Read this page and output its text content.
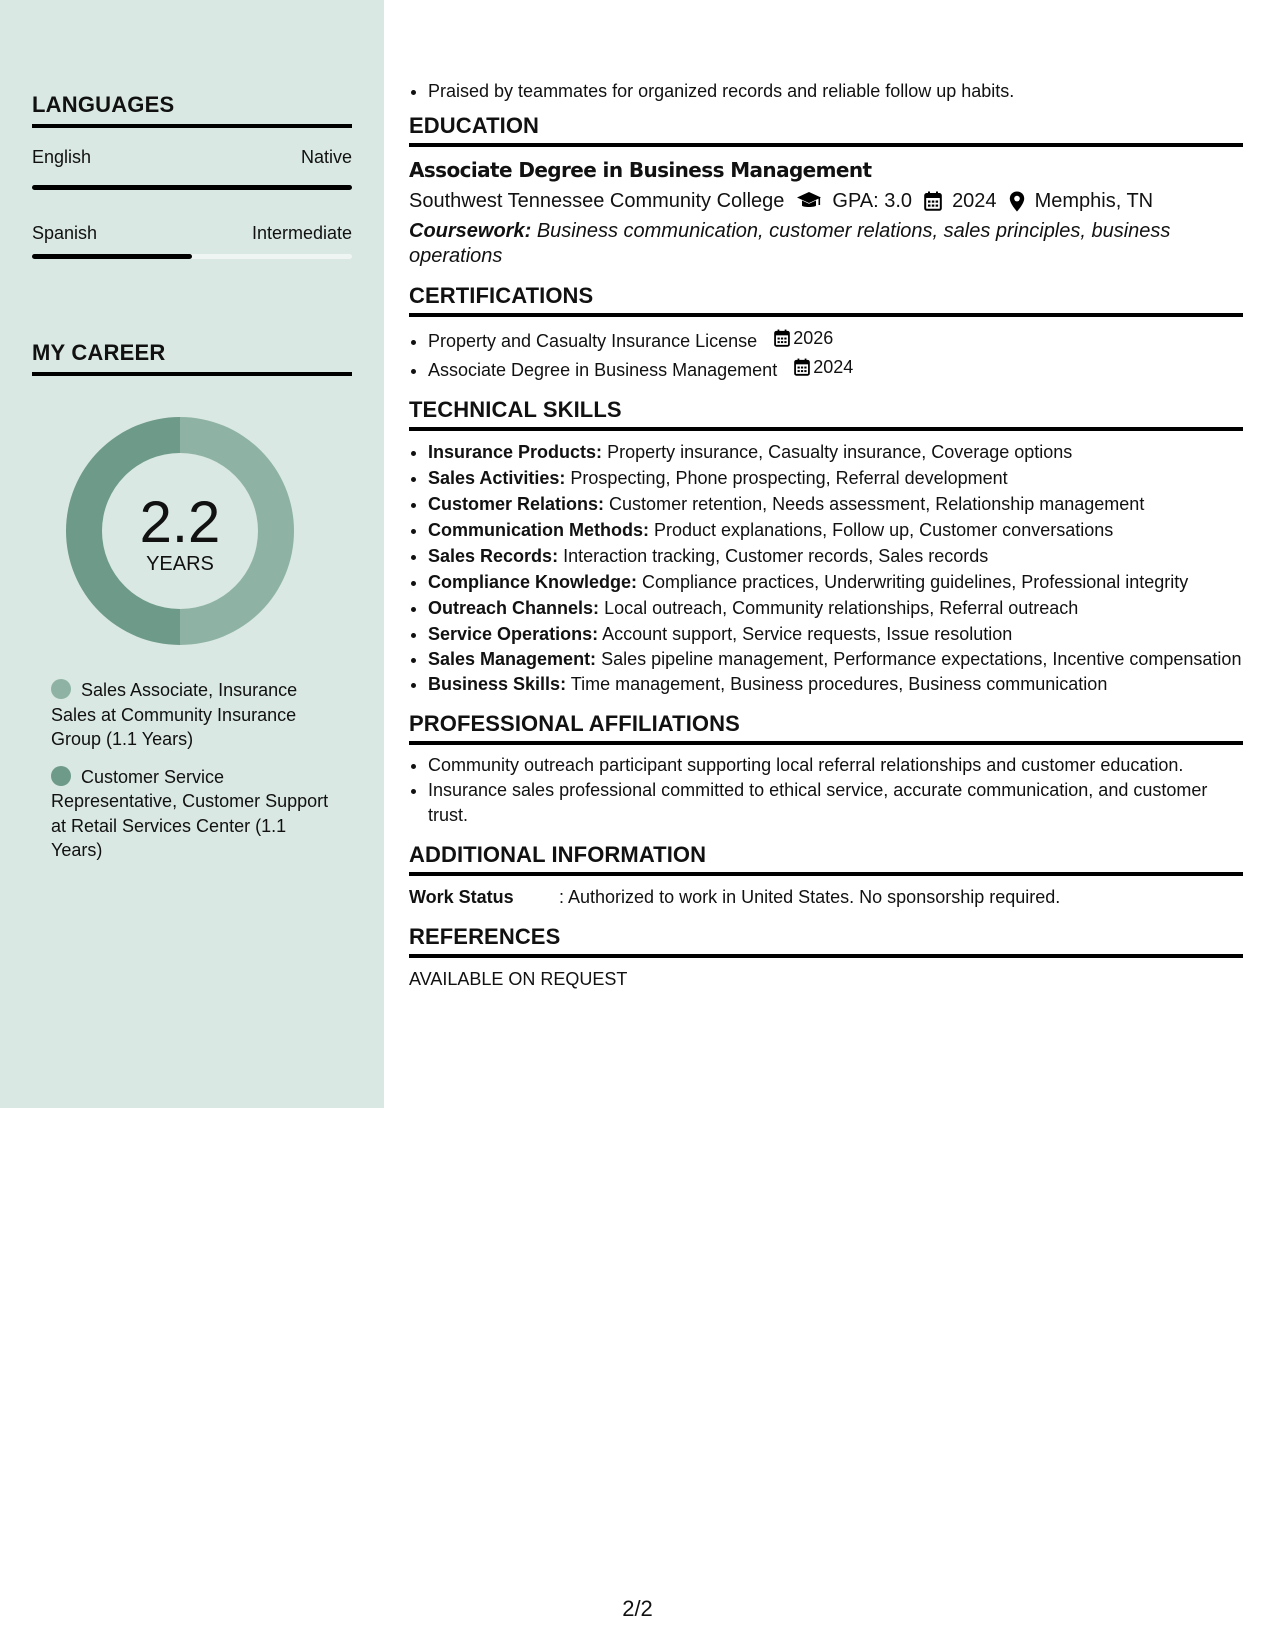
LANGUAGES
English	Native
Spanish	Intermediate
MY CAREER
2.2
YEARS
Sales Associate, Insurance Sales at Community Insurance Group (1.1 Years)
Customer Service Representative, Customer Support at Retail Services Center (1.1 Years)
• Praised by teammates for organized records and reliable follow up habits.
EDUCATION
Associate Degree in Business Management
Southwest Tennessee Community College GPA: 3.0 2024 Memphis, TN
Coursework: Business communication, customer relations, sales principles, business operations
CERTIFICATIONS
• Property and Casualty Insurance License 2026
• Associate Degree in Business Management 2024
TECHNICAL SKILLS
• Insurance Products: Property insurance, Casualty insurance, Coverage options
• Sales Activities: Prospecting, Phone prospecting, Referral development
• Customer Relations: Customer retention, Needs assessment, Relationship management
• Communication Methods: Product explanations, Follow up, Customer conversations
• Sales Records: Interaction tracking, Customer records, Sales records
• Compliance Knowledge: Compliance practices, Underwriting guidelines, Professional integrity
• Outreach Channels: Local outreach, Community relationships, Referral outreach
• Service Operations: Account support, Service requests, Issue resolution
• Sales Management: Sales pipeline management, Performance expectations, Incentive compensation
• Business Skills: Time management, Business procedures, Business communication
PROFESSIONAL AFFILIATIONS
• Community outreach participant supporting local referral relationships and customer education.
• Insurance sales professional committed to ethical service, accurate communication, and customer trust.
ADDITIONAL INFORMATION
Work Status	: Authorized to work in United States. No sponsorship required.
REFERENCES
AVAILABLE ON REQUEST
2/2
